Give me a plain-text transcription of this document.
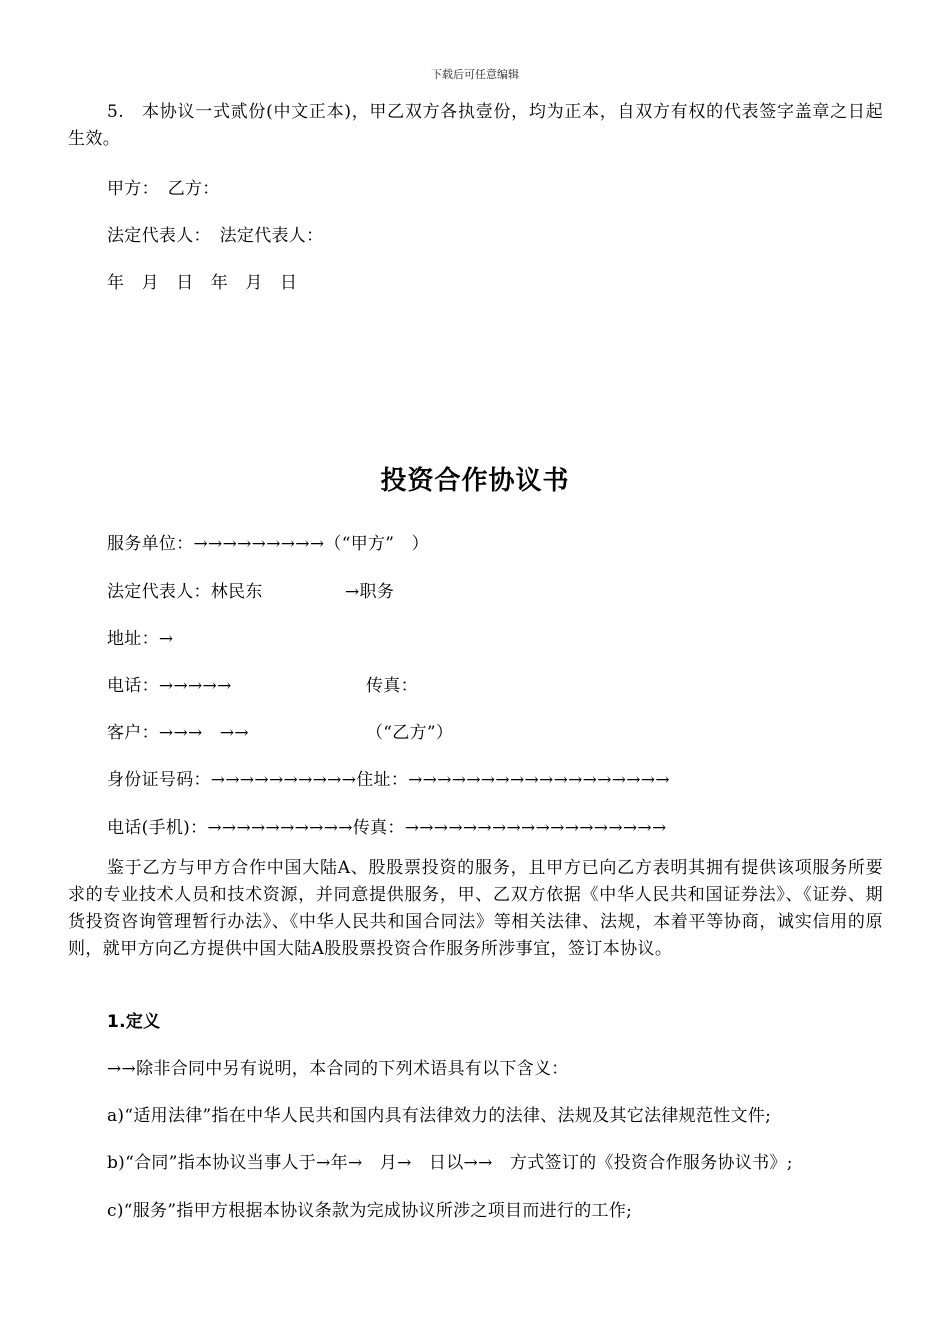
下载后可任意编辑
5.　本协议一式贰份(中文正本)，甲乙双方各执壹份，均为正本，自双方有权的代表签字盖章之日起生效。
甲方：　乙方：
法定代表人：　法定代表人：
年　月　日　年　月　日
投资合作协议书
服务单位：→→→→→→→→→（“甲方”　）
法定代表人：林民东	→职务
地址：→
电话：→→→→→	传真：
客户：→→→　→→	（“乙方”）
身份证号码：→→→→→→→→→→住址：→→→→→→→→→→→→→→→→→→
电话(手机)：→→→→→→→→→→传真：→→→→→→→→→→→→→→→→→→
鉴于乙方与甲方合作中国大陆A、股股票投资的服务，且甲方已向乙方表明其拥有提供该项服务所要求的专业技术人员和技术资源，并同意提供服务，甲、乙双方依据《中华人民共和国证券法》、《证券、期货投资咨询管理暂行办法》、《中华人民共和国合同法》等相关法律、法规，本着平等协商，诚实信用的原则，就甲方向乙方提供中国大陆A股股票投资合作服务所涉事宜，签订本协议。
1.定义
→→除非合同中另有说明，本合同的下列术语具有以下含义：
a)“适用法律”指在中华人民共和国内具有法律效力的法律、法规及其它法律规范性文件;
b)“合同”指本协议当事人于→年→　月→　日以→→　方式签订的《投资合作服务协议书》;
c)“服务”指甲方根据本协议条款为完成协议所涉之项目而进行的工作;
